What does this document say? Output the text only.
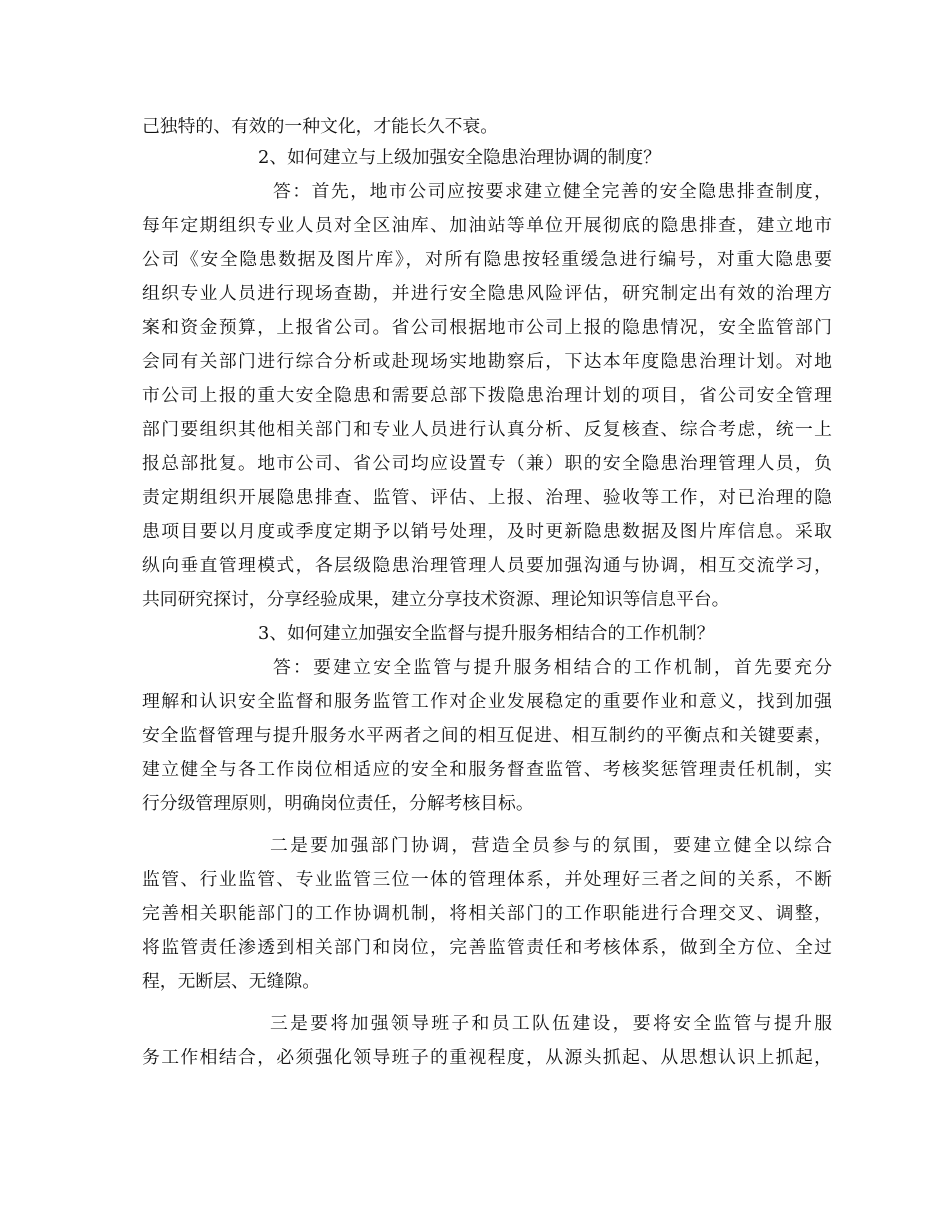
己独特的、有效的一种文化，才能长久不衰。
2、如何建立与上级加强安全隐患治理协调的制度？
答：首先，地市公司应按要求建立健全完善的安全隐患排查制度，
每年定期组织专业人员对全区油库、加油站等单位开展彻底的隐患排查，建立地市
公司《安全隐患数据及图片库》，对所有隐患按轻重缓急进行编号，对重大隐患要
组织专业人员进行现场查勘，并进行安全隐患风险评估，研究制定出有效的治理方
案和资金预算，上报省公司。省公司根据地市公司上报的隐患情况，安全监管部门
会同有关部门进行综合分析或赴现场实地勘察后，下达本年度隐患治理计划。对地
市公司上报的重大安全隐患和需要总部下拨隐患治理计划的项目，省公司安全管理
部门要组织其他相关部门和专业人员进行认真分析、反复核查、综合考虑，统一上
报总部批复。地市公司、省公司均应设置专（兼）职的安全隐患治理管理人员，负
责定期组织开展隐患排查、监管、评估、上报、治理、验收等工作，对已治理的隐
患项目要以月度或季度定期予以销号处理，及时更新隐患数据及图片库信息。采取
纵向垂直管理模式，各层级隐患治理管理人员要加强沟通与协调，相互交流学习，
共同研究探讨，分享经验成果，建立分享技术资源、理论知识等信息平台。
3、如何建立加强安全监督与提升服务相结合的工作机制？
答：要建立安全监管与提升服务相结合的工作机制，首先要充分
理解和认识安全监督和服务监管工作对企业发展稳定的重要作业和意义，找到加强
安全监督管理与提升服务水平两者之间的相互促进、相互制约的平衡点和关键要素，
建立健全与各工作岗位相适应的安全和服务督查监管、考核奖惩管理责任机制，实
行分级管理原则，明确岗位责任，分解考核目标。
二是要加强部门协调，营造全员参与的氛围，要建立健全以综合
监管、行业监管、专业监管三位一体的管理体系，并处理好三者之间的关系，不断
完善相关职能部门的工作协调机制，将相关部门的工作职能进行合理交叉、调整，
将监管责任渗透到相关部门和岗位，完善监管责任和考核体系，做到全方位、全过
程，无断层、无缝隙。
三是要将加强领导班子和员工队伍建设，要将安全监管与提升服
务工作相结合，必须强化领导班子的重视程度，从源头抓起、从思想认识上抓起，
